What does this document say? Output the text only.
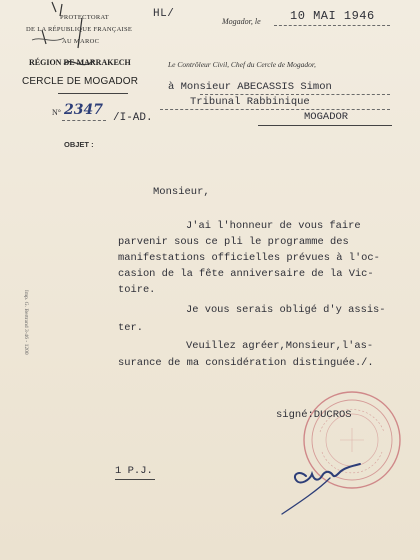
PROTECTORAT
DE LA RÉPUBLIQUE FRANÇAISE
AU MAROC
RÉGION DE MARRAKECH
CERCLE DE MOGADOR
N° 2347 /I-AD.
OBJET :
HL/
Mogador, le 10 MAI 1946
Le Contrôleur Civil, Chef du Cercle de Mogador,
à Monsieur ABECASSIS Simon
Tribunal Rabbinique
MOGADOR
Monsieur,
J'ai l'honneur de vous faire
parvenir sous ce pli le programme des
manifestations officielles prévues à l'oc-
casion de la fête anniversaire de la Vic-
toire.
Je vous serais obligé d'y assis-
ter.
Veuillez agréer,Monsieur,l'as-
surance de ma considération distinguée./.
Imp. G. Bertrand 3-46 - 1200
signé:DUCROS
1 P.J.
